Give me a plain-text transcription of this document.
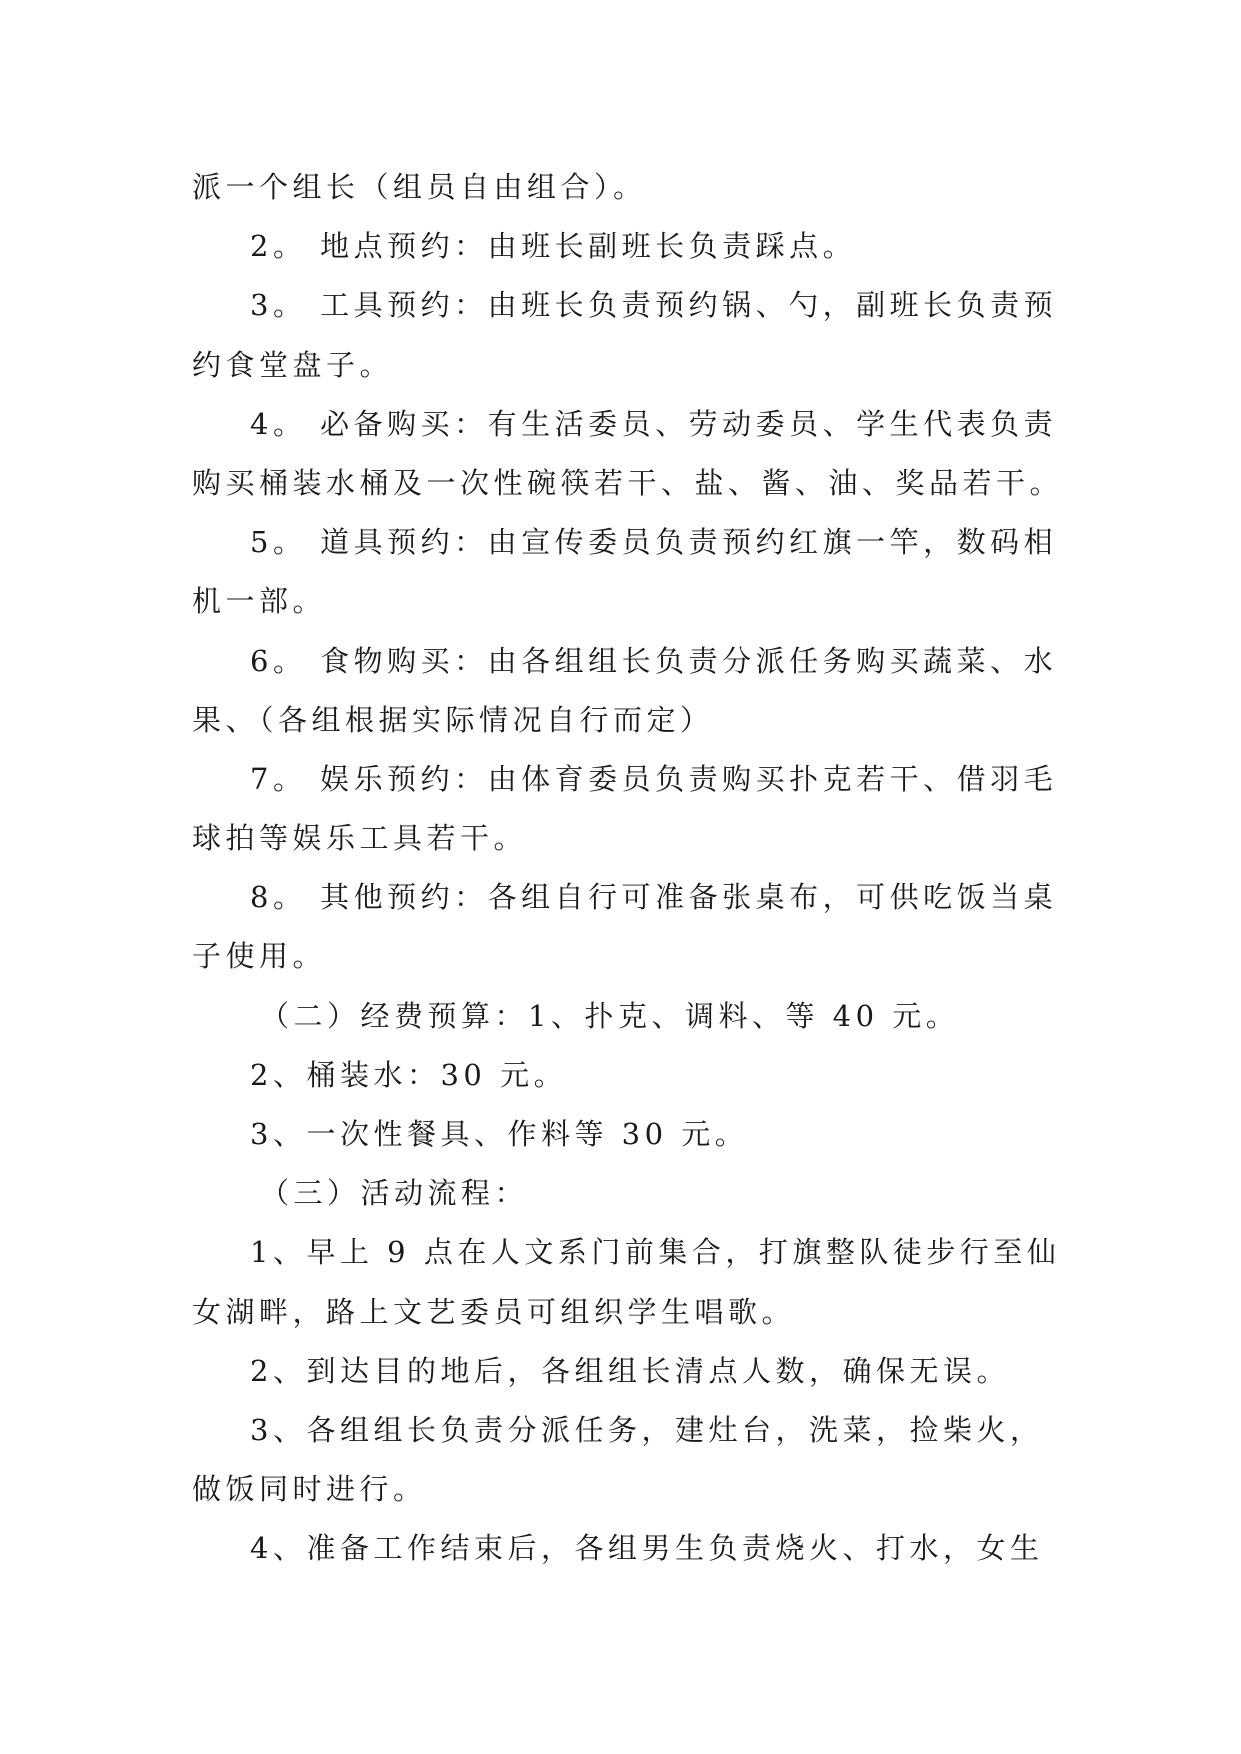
派一个组长（组员自由组合）。
2。 地点预约：由班长副班长负责踩点。
3。 工具预约：由班长负责预约锅、勺，副班长负责预
约食堂盘子。
4。 必备购买：有生活委员、劳动委员、学生代表负责
购买桶装水桶及一次性碗筷若干、盐、酱、油、奖品若干。
5。 道具预约：由宣传委员负责预约红旗一竿，数码相
机一部。
6。 食物购买：由各组组长负责分派任务购买蔬菜、水
果、（各组根据实际情况自行而定）
7。 娱乐预约：由体育委员负责购买扑克若干、借羽毛
球拍等娱乐工具若干。
8。 其他预约：各组自行可准备张桌布，可供吃饭当桌
子使用。
（二）经费预算：1、扑克、调料、等 40 元。
2、桶装水：30 元。
3、一次性餐具、作料等 30 元。
（三）活动流程：
1、早上 9 点在人文系门前集合，打旗整队徒步行至仙
女湖畔，路上文艺委员可组织学生唱歌。
2、到达目的地后，各组组长清点人数，确保无误。
3、各组组长负责分派任务，建灶台，洗菜，捡柴火，
做饭同时进行。
4、准备工作结束后，各组男生负责烧火、打水，女生
